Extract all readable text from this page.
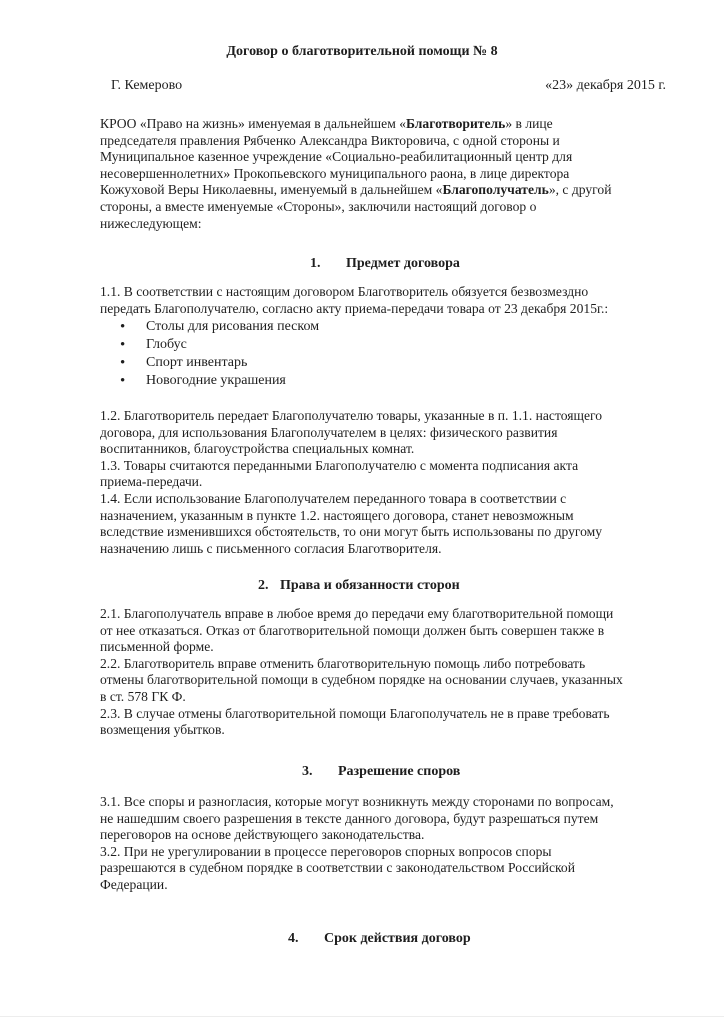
Договор о благотворительной помощи № 8
Г. Кемерово	«23» декабря 2015 г.
КРОО «Право на жизнь» именуемая в дальнейшем «Благотворитель» в лице
председателя правления Рябченко Александра Викторовича, с одной стороны и
Муниципальное казенное учреждение «Социально-реабилитационный центр для
несовершеннолетних» Прокопьевского муниципального раона, в лице директора
Кожуховой Веры Николаевны, именуемый в дальнейшем «Благополучатель», с другой
стороны, а вместе именуемые «Стороны», заключили настоящий договор о
нижеследующем:
1. Предмет договора
1.1. В соответствии с настоящим договором Благотворитель обязуется безвозмездно
передать Благополучателю, согласно акту приема-передачи товара от 23 декабря 2015г.:
• Столы для рисования песком
• Глобус
• Спорт инвентарь
• Новогодние украшения
1.2. Благотворитель передает Благополучателю товары, указанные в п. 1.1. настоящего
договора, для использования Благополучателем в целях: физического развития
воспитанников, благоустройства специальных комнат.
1.3. Товары считаются переданными Благополучателю с момента подписания акта
приема-передачи.
1.4. Если использование Благополучателем переданного товара в соответствии с
назначением, указанным в пункте 1.2. настоящего договора, станет невозможным
вследствие изменившихся обстоятельств, то они могут быть использованы по другому
назначению лишь с письменного согласия Благотворителя.
2. Права и обязанности сторон
2.1. Благополучатель вправе в любое время до передачи ему благотворительной помощи
от нее отказаться. Отказ от благотворительной помощи должен быть совершен также в
письменной форме.
2.2. Благотворитель вправе отменить благотворительную помощь либо потребовать
отмены благотворительной помощи в судебном порядке на основании случаев, указанных
в ст. 578 ГК Ф.
2.3. В случае отмены благотворительной помощи Благополучатель не в праве требовать
возмещения убытков.
3. Разрешение споров
3.1. Все споры и разногласия, которые могут возникнуть между сторонами по вопросам,
не нашедшим своего разрешения в тексте данного договора, будут разрешаться путем
переговоров на основе действующего законодательства.
3.2. При не урегулировании в процессе переговоров спорных вопросов споры
разрешаются в судебном порядке в соответствии с законодательством Российской
Федерации.
4. Срок действия договор
